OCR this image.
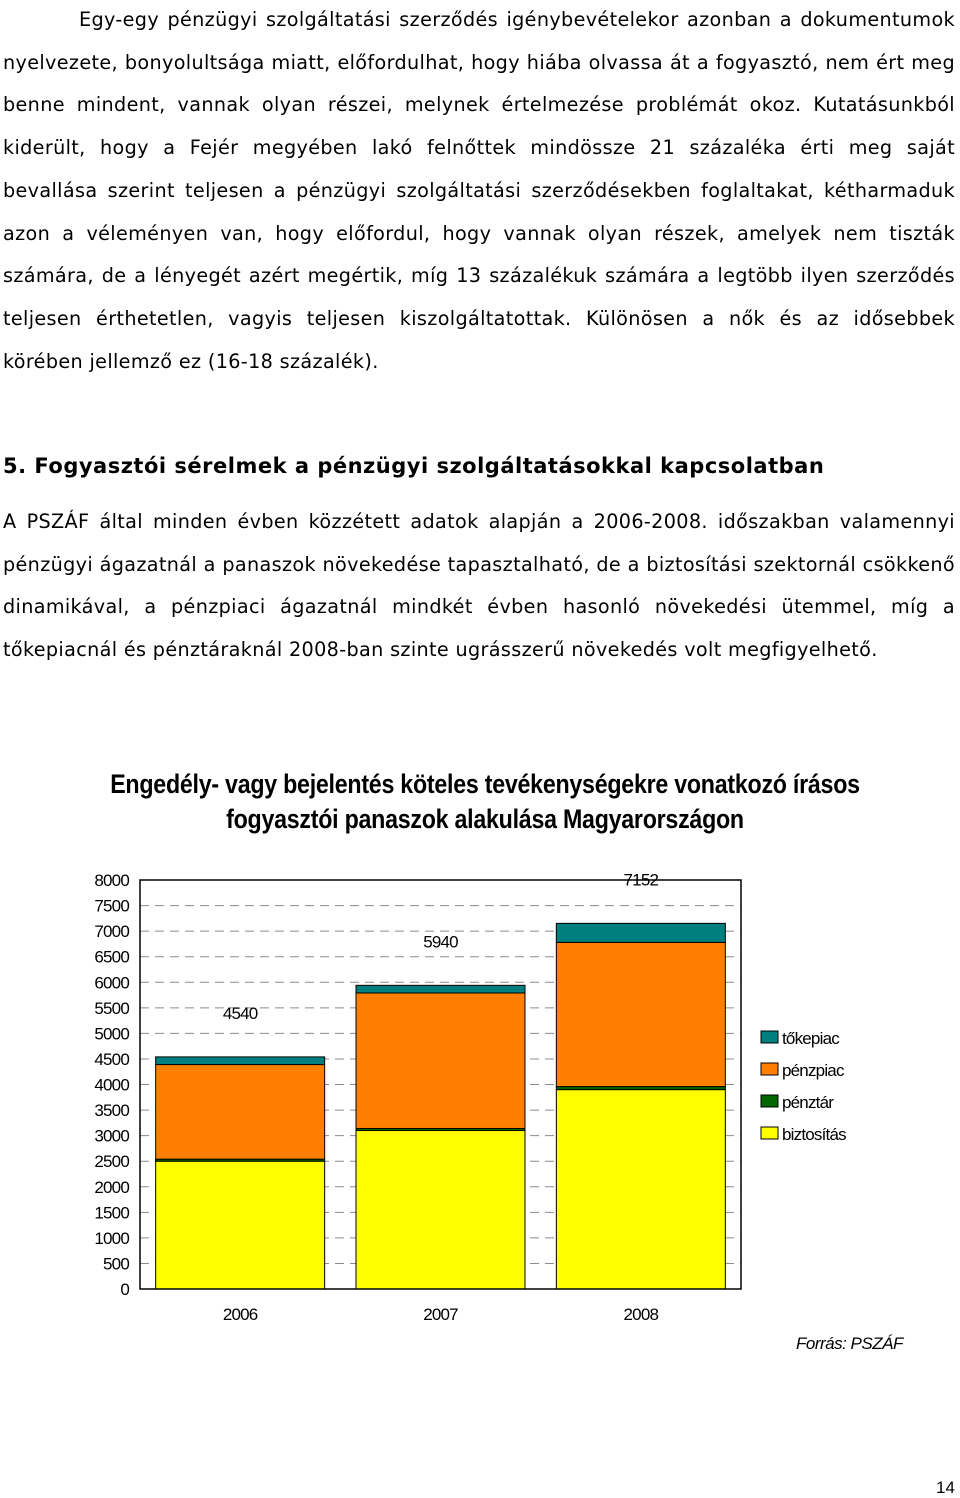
Egy-egy pénzügyi szolgáltatási szerződés igénybevételekor azonban a dokumentumok nyelvezete, bonyolultsága miatt, előfordulhat, hogy hiába olvassa át a fogyasztó, nem ért meg benne mindent, vannak olyan részei, melynek értelmezése problémát okoz. Kutatásunkból kiderült, hogy a Fejér megyében lakó felnőttek mindössze 21 százaléka érti meg saját bevallása szerint teljesen a pénzügyi szolgáltatási szerződésekben foglaltakat, kétharmaduk azon a véleményen van, hogy előfordul, hogy vannak olyan részek, amelyek nem tiszták számára, de a lényegét azért megértik, míg 13 százalékuk számára a legtöbb ilyen szerződés teljesen érthetetlen, vagyis teljesen kiszolgáltatottak. Különösen a nők és az idősebbek körében jellemző ez (16-18 százalék).

5. Fogyasztói sérelmek a pénzügyi szolgáltatásokkal kapcsolatban

A PSZÁF által minden évben közzétett adatok alapján a 2006-2008. időszakban valamennyi pénzügyi ágazatnál a panaszok növekedése tapasztalható, de a biztosítási szektornál csökkenő dinamikával, a pénzpiaci ágazatnál mindkét évben hasonló növekedési ütemmel, míg a tőkepiacnál és pénztáraknál 2008-ban szinte ugrásszerű növekedés volt megfigyelhető.

Engedély- vagy bejelentés köteles tevékenységekre vonatkozó írásos
fogyasztói panaszok alakulása Magyarországon
8000
7500
7000
6500
6000
5500
5000
4500
4000
3500
3000
2500
2000
1500
1000
500
0
2006	2007	2008
4540
5940
7152
tőkepiac
pénzpiac
pénztár
biztosítás

Forrás: PSZÁF

14
